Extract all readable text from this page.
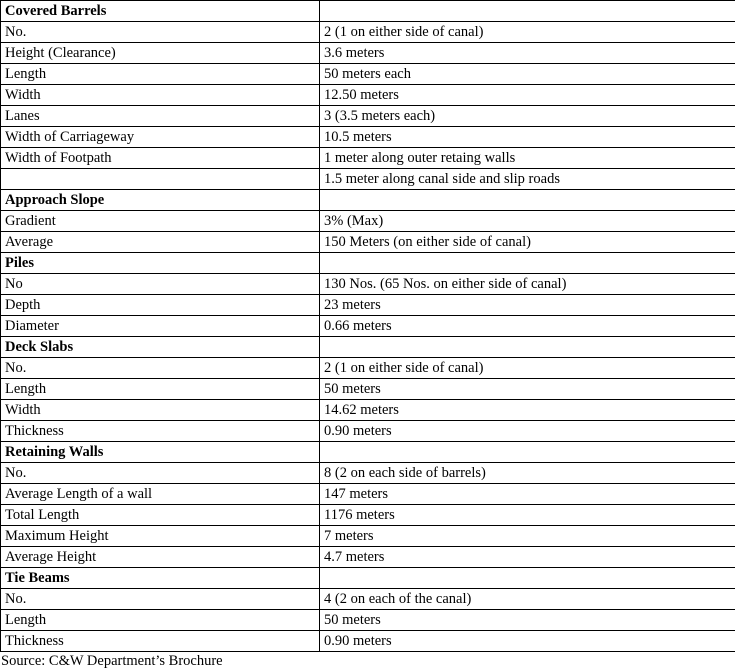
Covered Barrels	
No.	2 (1 on either side of canal)
Height (Clearance)	3.6 meters
Length	50 meters each
Width	12.50 meters
Lanes	3 (3.5 meters each)
Width of Carriageway	10.5 meters
Width of Footpath	1 meter along outer retaing walls
	1.5 meter along canal side and slip roads
Approach Slope	
Gradient	3% (Max)
Average	150 Meters (on either side of canal)
Piles	
No	130 Nos. (65 Nos. on either side of canal)
Depth	23 meters
Diameter	0.66 meters
Deck Slabs	
No.	2 (1 on either side of canal)
Length	50 meters
Width	14.62 meters
Thickness	0.90 meters
Retaining Walls	
No.	8 (2 on each side of barrels)
Average Length of a wall	147 meters
Total Length	1176 meters
Maximum Height	7 meters
Average Height	4.7 meters
Tie Beams	
No.	4 (2 on each of the canal)
Length	50 meters
Thickness	0.90 meters
Source: C&W Department’s Brochure
